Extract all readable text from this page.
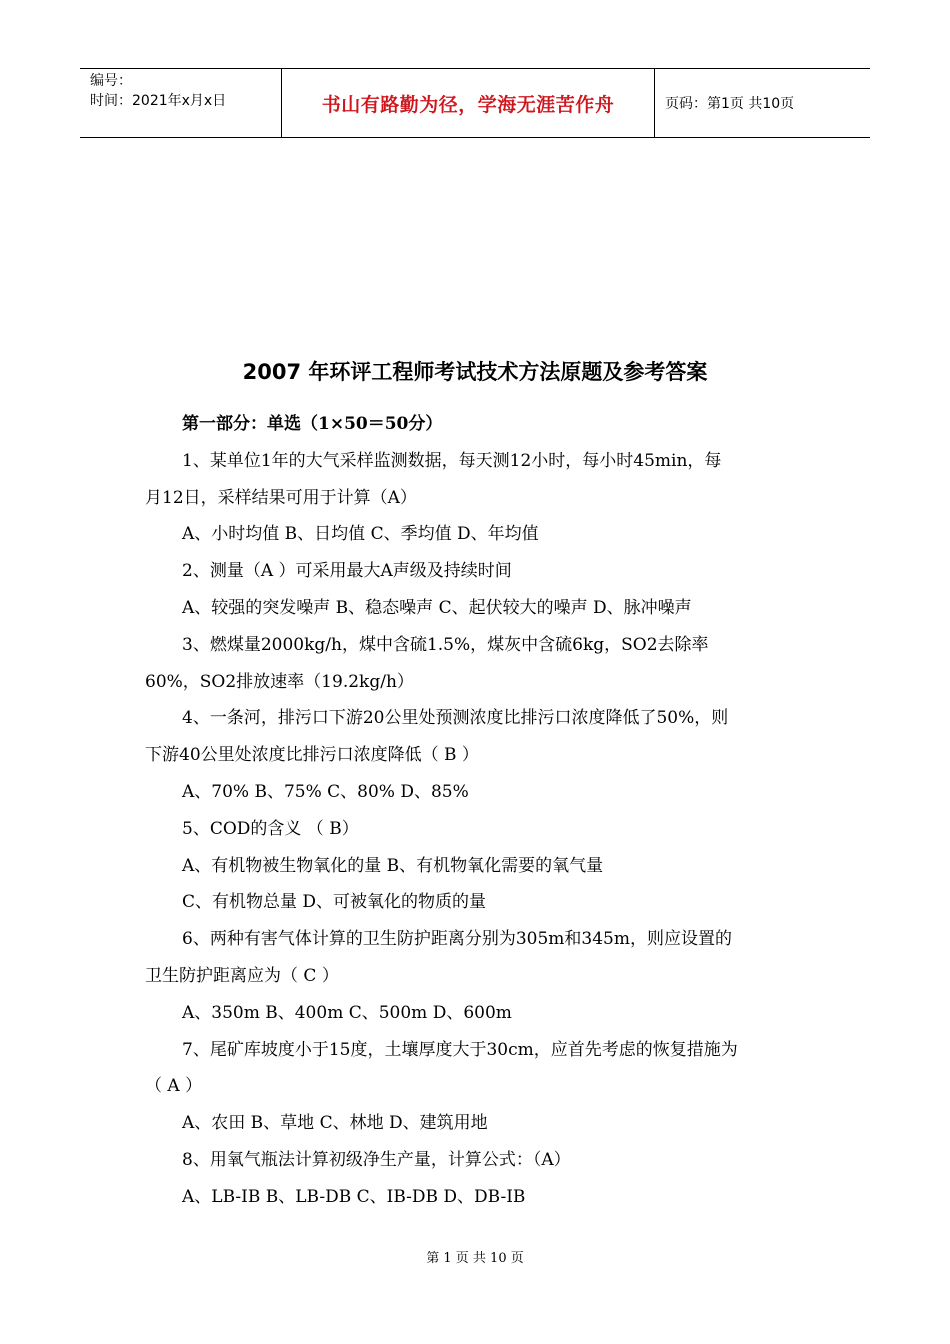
编号：
时间：2021年x月x日	书山有路勤为径，学海无涯苦作舟	页码：第1页 共10页
2007 年环评工程师考试技术方法原题及参考答案

第一部分：单选（1×50＝50分）

1、某单位1年的大气采样监测数据，每天测12小时，每小时45min，每

月12日，采样结果可用于计算（A）

A、小时均值 B、日均值 C、季均值 D、年均值

2、测量（A ）可采用最大A声级及持续时间

A、较强的突发噪声 B、稳态噪声 C、起伏较大的噪声 D、脉冲噪声

3、燃煤量2000kg/h，煤中含硫1.5%，煤灰中含硫6kg，SO2去除率

60%，SO2排放速率（19.2kg/h）

4、一条河，排污口下游20公里处预测浓度比排污口浓度降低了50%，则

下游40公里处浓度比排污口浓度降低（ B ）

A、70% B、75% C、80% D、85%

5、COD的含义 （ B）

A、有机物被生物氧化的量 B、有机物氧化需要的氧气量

C、有机物总量 D、可被氧化的物质的量

6、两种有害气体计算的卫生防护距离分别为305m和345m，则应设置的

卫生防护距离应为（ C ）

A、350m B、400m C、500m D、600m

7、尾矿库坡度小于15度，土壤厚度大于30cm，应首先考虑的恢复措施为

（ A ）

A、农田 B、草地 C、林地 D、建筑用地

8、用氧气瓶法计算初级净生产量，计算公式：（A）

A、LB-IB B、LB-DB C、IB-DB D、DB-IB

第 1 页 共 10 页
